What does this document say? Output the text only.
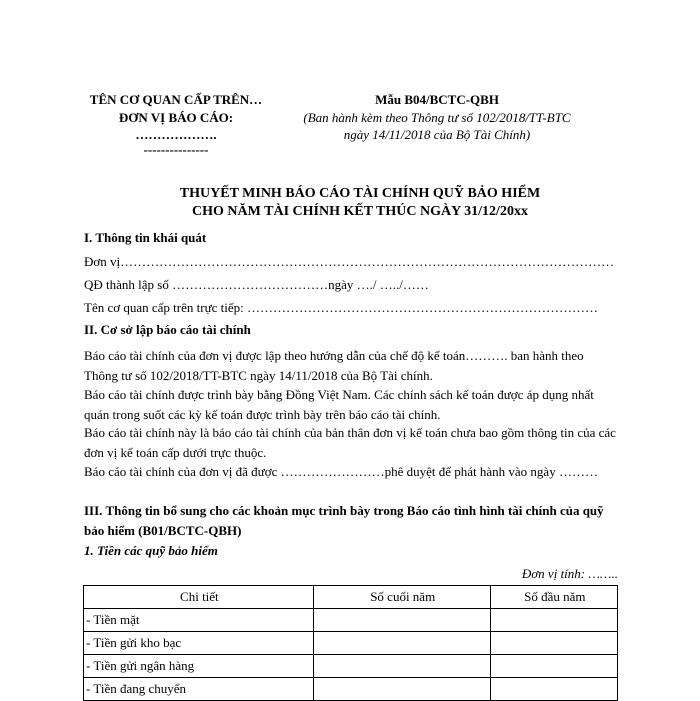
TÊN CƠ QUAN CẤP TRÊN…
ĐƠN VỊ BÁO CÁO:
……………….
---------------
Mẫu B04/BCTC-QBH
(Ban hành kèm theo Thông tư số 102/2018/TT-BTC
ngày 14/11/2018 của Bộ Tài Chính)
THUYẾT MINH BÁO CÁO TÀI CHÍNH QUỸ BẢO HIỂM
CHO NĂM TÀI CHÍNH KẾT THÚC NGÀY 31/12/20xx
I. Thông tin khái quát
Đơn vị……………………………………………………………………………………………………
QĐ thành lập số ………………………………ngày …./ …../……
Tên cơ quan cấp trên trực tiếp: ………………………………………………………………………
II. Cơ sở lập báo cáo tài chính
Báo cáo tài chính của đơn vị được lập theo hướng dẫn của chế độ kế toán………. ban hành theo Thông tư số 102/2018/TT-BTC ngày 14/11/2018 của Bộ Tài chính.
Báo cáo tài chính được trình bày bằng Đồng Việt Nam. Các chính sách kế toán được áp dụng nhất quán trong suốt các kỳ kế toán được trình bày trên báo cáo tài chính.
Báo cáo tài chính này là báo cáo tài chính của bản thân đơn vị kế toán chưa bao gồm thông tin của các đơn vị kế toán cấp dưới trực thuộc.
Báo cáo tài chính của đơn vị đã được ……………………phê duyệt để phát hành vào ngày ………
III. Thông tin bổ sung cho các khoản mục trình bày trong Báo cáo tình hình tài chính của quỹ bảo hiểm (B01/BCTC-QBH)
1. Tiền các quỹ bảo hiểm
Đơn vị tính: ……..
Chi tiết	Số cuối năm	Số đầu năm
- Tiền mặt		
- Tiền gửi kho bạc		
- Tiền gửi ngân hàng		
- Tiền đang chuyển		
